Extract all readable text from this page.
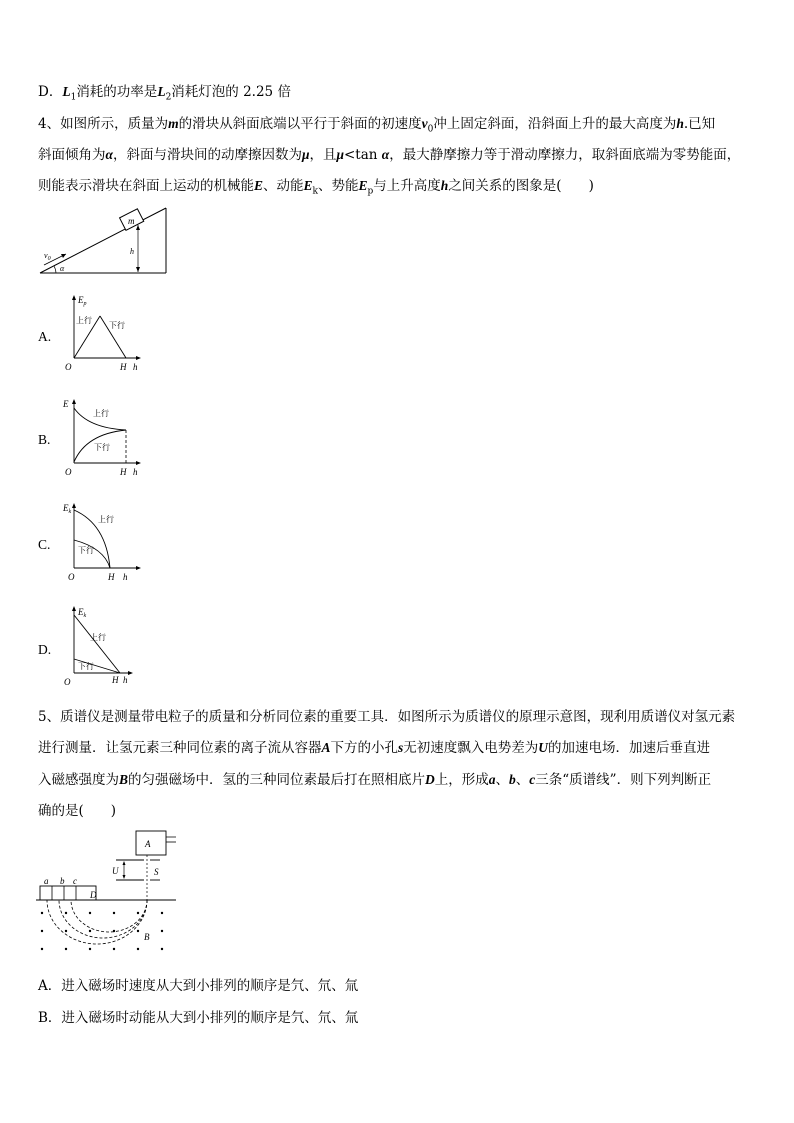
D．$L_1$消耗的功率是$L_2$消耗灯泡的 2.25 倍
4、如图所示，质量为m的滑块从斜面底端以平行于斜面的初速度$v_0$冲上固定斜面，沿斜面上升的最大高度为h.已知
斜面倾角为α，斜面与滑块间的动摩擦因数为μ，且μ<tan α，最大静摩擦力等于滑动摩擦力，取斜面底端为零势能面，
则能表示滑块在斜面上运动的机械能E、动能$E_k$、势能$E_p$与上升高度h之间关系的图象是(　　)
m
$v_0$
α
h
A.
$E_p$
上行
下行
O	H h
B.
E
上行
下行
O	H h
C.
$E_k$
上行
下行
O	H h
D.
$E_k$
上行
下行
O	H h
5、质谱仪是测量带电粒子的质量和分析同位素的重要工具．如图所示为质谱仪的原理示意图，现利用质谱仪对氢元素
进行测量．让氢元素三种同位素的离子流从容器A下方的小孔s无初速度飘入电势差为U的加速电场．加速后垂直进
入磁感强度为B的匀强磁场中．氢的三种同位素最后打在照相底片D上，形成a、b、c三条“质谱线”．则下列判断正
确的是(　　)
A
U	S
a b c
D
B
A．进入磁场时速度从大到小排列的顺序是氕、氘、氚
B．进入磁场时动能从大到小排列的顺序是氕、氘、氚
